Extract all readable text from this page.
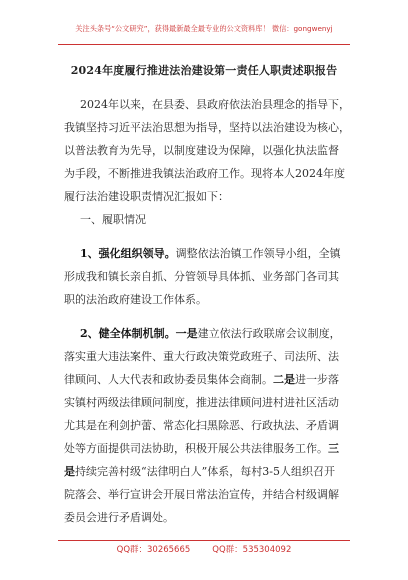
关注头条号“公文研究”，获得最新最全最专业的公文资料库！ 微信：gongwenyj
2024年度履行推进法治建设第一责任人职责述职报告
2024年以来，在县委、县政府依法治县理念的指导下，
我镇坚持习近平法治思想为指导，坚持以法治建设为核心，
以普法教育为先导，以制度建设为保障，以强化执法监督
为手段，不断推进我镇法治政府工作。现将本人2024年度
履行法治建设职责情况汇报如下：
一、履职情况
1、强化组织领导。调整依法治镇工作领导小组，全镇
形成我和镇长亲自抓、分管领导具体抓、业务部门各司其
职的法治政府建设工作体系。
2、健全体制机制。一是建立依法行政联席会议制度，
落实重大违法案件、重大行政决策党政班子、司法所、法
律顾问、人大代表和政协委员集体会商制。二是进一步落
实镇村两级法律顾问制度，推进法律顾问进村进社区活动
尤其是在利剑护蕾、常态化扫黑除恶、行政执法、矛盾调
处等方面提供司法协助，积极开展公共法律服务工作。三
是持续完善村级“法律明白人”体系，每村3-5人组织召开
院落会、举行宣讲会开展日常法治宣传，并结合村级调解
委员会进行矛盾调处。
QQ群：30265665	QQ群：535304092
